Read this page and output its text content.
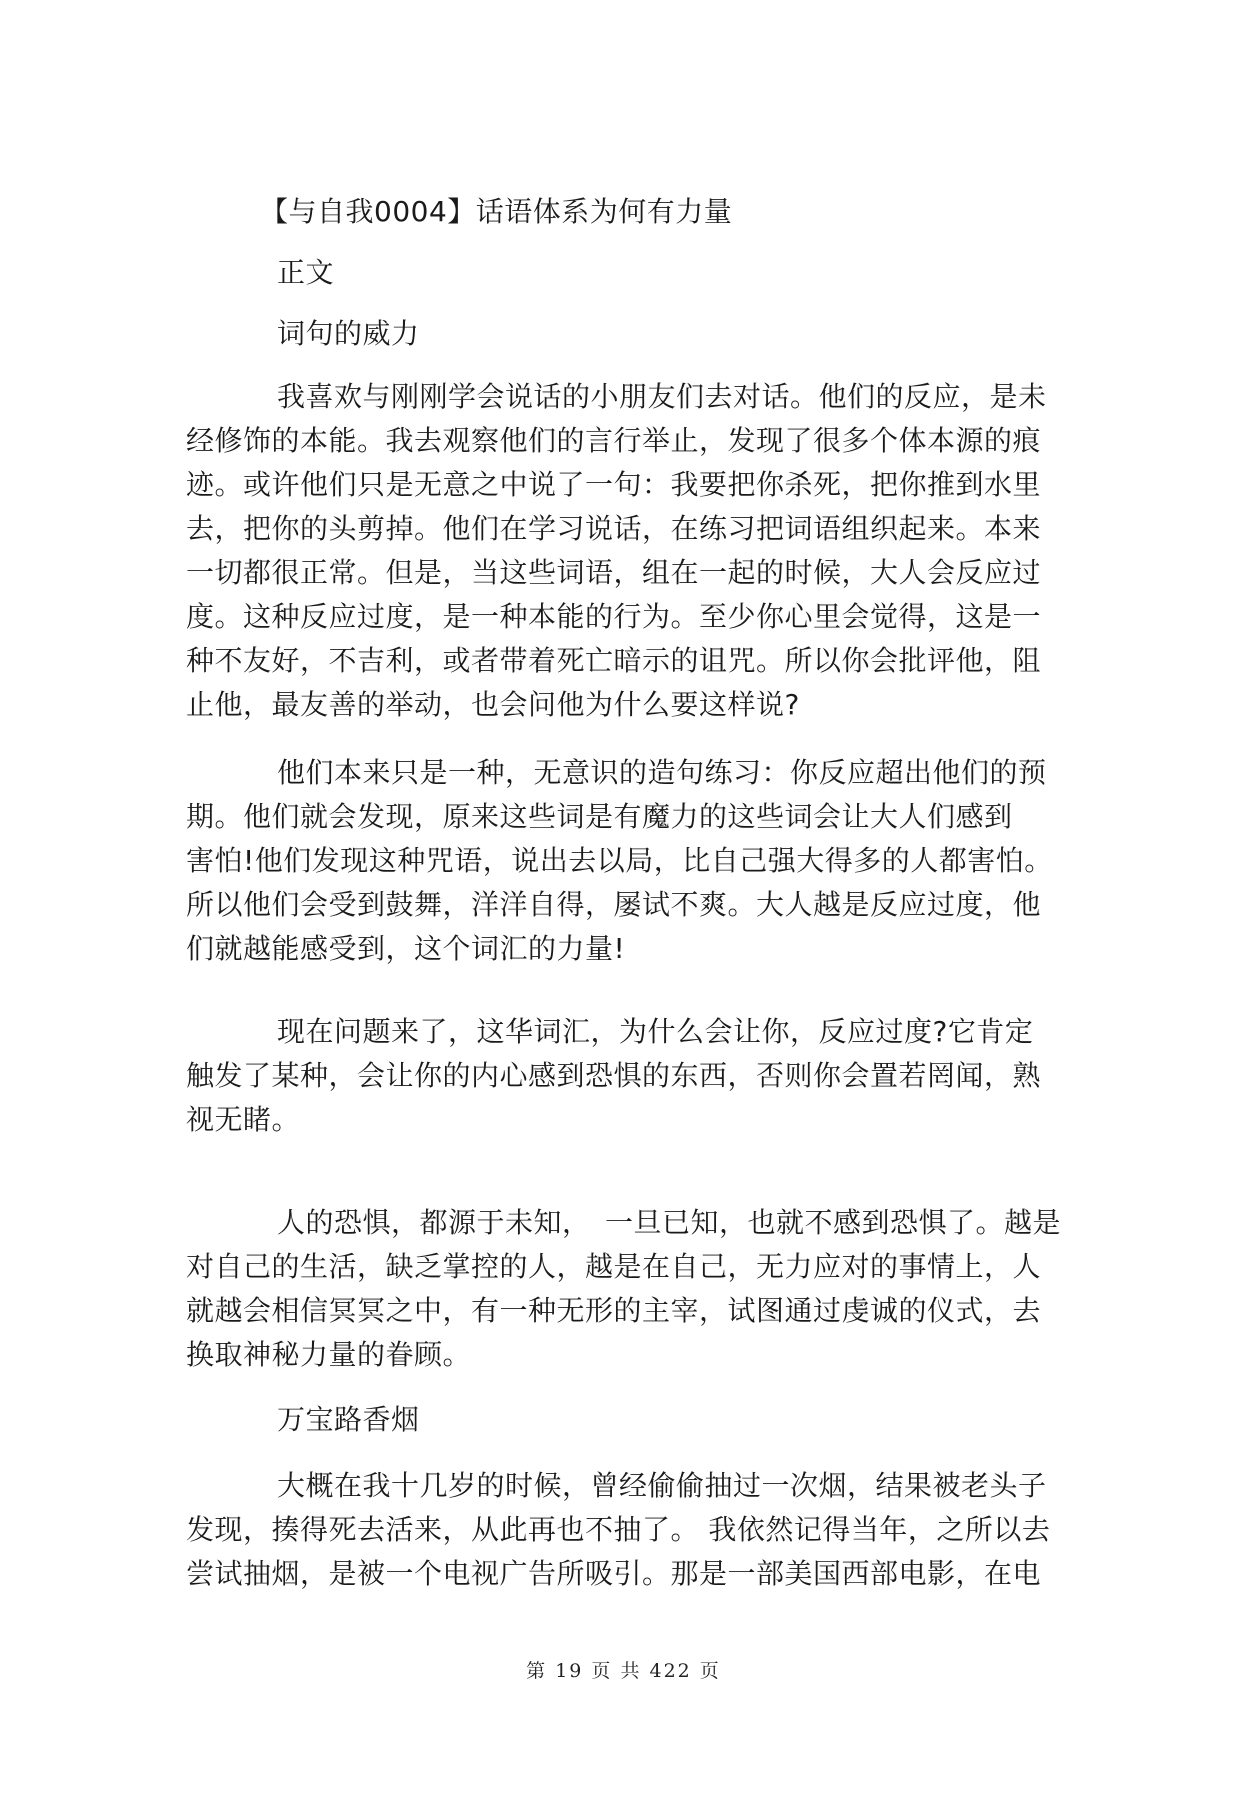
【与自我0004】话语体系为何有力量
正文
词句的威力
我喜欢与刚刚学会说话的小朋友们去对话。他们的反应，是未
经修饰的本能。我去观察他们的言行举止，发现了很多个体本源的痕
迹。或许他们只是无意之中说了一句：我要把你杀死，把你推到水里
去，把你的头剪掉。他们在学习说话，在练习把词语组织起来。本来
一切都很正常。但是，当这些词语，组在一起的时候，大人会反应过
度。这种反应过度，是一种本能的行为。至少你心里会觉得，这是一
种不友好，不吉利，或者带着死亡暗示的诅咒。所以你会批评他，阻
止他，最友善的举动，也会问他为什么要这样说?
他们本来只是一种，无意识的造句练习：你反应超出他们的预
期。他们就会发现，原来这些词是有魔力的这些词会让大人们感到
害怕!他们发现这种咒语，说出去以局，比自己强大得多的人都害怕。
所以他们会受到鼓舞，洋洋自得，屡试不爽。大人越是反应过度，他
们就越能感受到，这个词汇的力量!
现在问题来了，这华词汇，为什么会让你，反应过度?它肯定
触发了某种，会让你的内心感到恐惧的东西，否则你会置若罔闻，熟
视无睹。
人的恐惧，都源于未知，　一旦已知，也就不感到恐惧了。越是
对自己的生活，缺乏掌控的人，越是在自己，无力应对的事情上，人
就越会相信冥冥之中，有一种无形的主宰，试图通过虔诚的仪式，去
换取神秘力量的眷顾。
万宝路香烟
大概在我十几岁的时候，曾经偷偷抽过一次烟，结果被老头子
发现，揍得死去活来，从此再也不抽了。 我依然记得当年，之所以去
尝试抽烟，是被一个电视广告所吸引。那是一部美国西部电影，在电
第 19 页 共 422 页
